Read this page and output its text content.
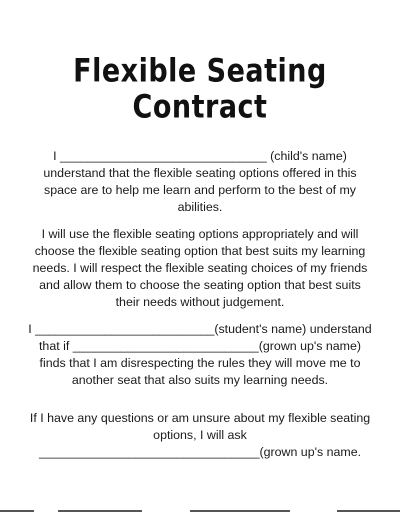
Flexible Seating
Contract

I ______________________________ (child's name) understand that the flexible seating options offered in this space are to help me learn and perform to the best of my abilities.

I will use the flexible seating options appropriately and will choose the flexible seating option that best suits my learning needs. I will respect the flexible seating choices of my friends and allow them to choose the seating option that best suits their needs without judgement.

I __________________________(student's name) understand that if ___________________________(grown up's name) finds that I am disrespecting the rules they will move me to another seat that also suits my learning needs.

If I have any questions or am unsure about my flexible seating options, I will ask ________________________________(grown up's name.
